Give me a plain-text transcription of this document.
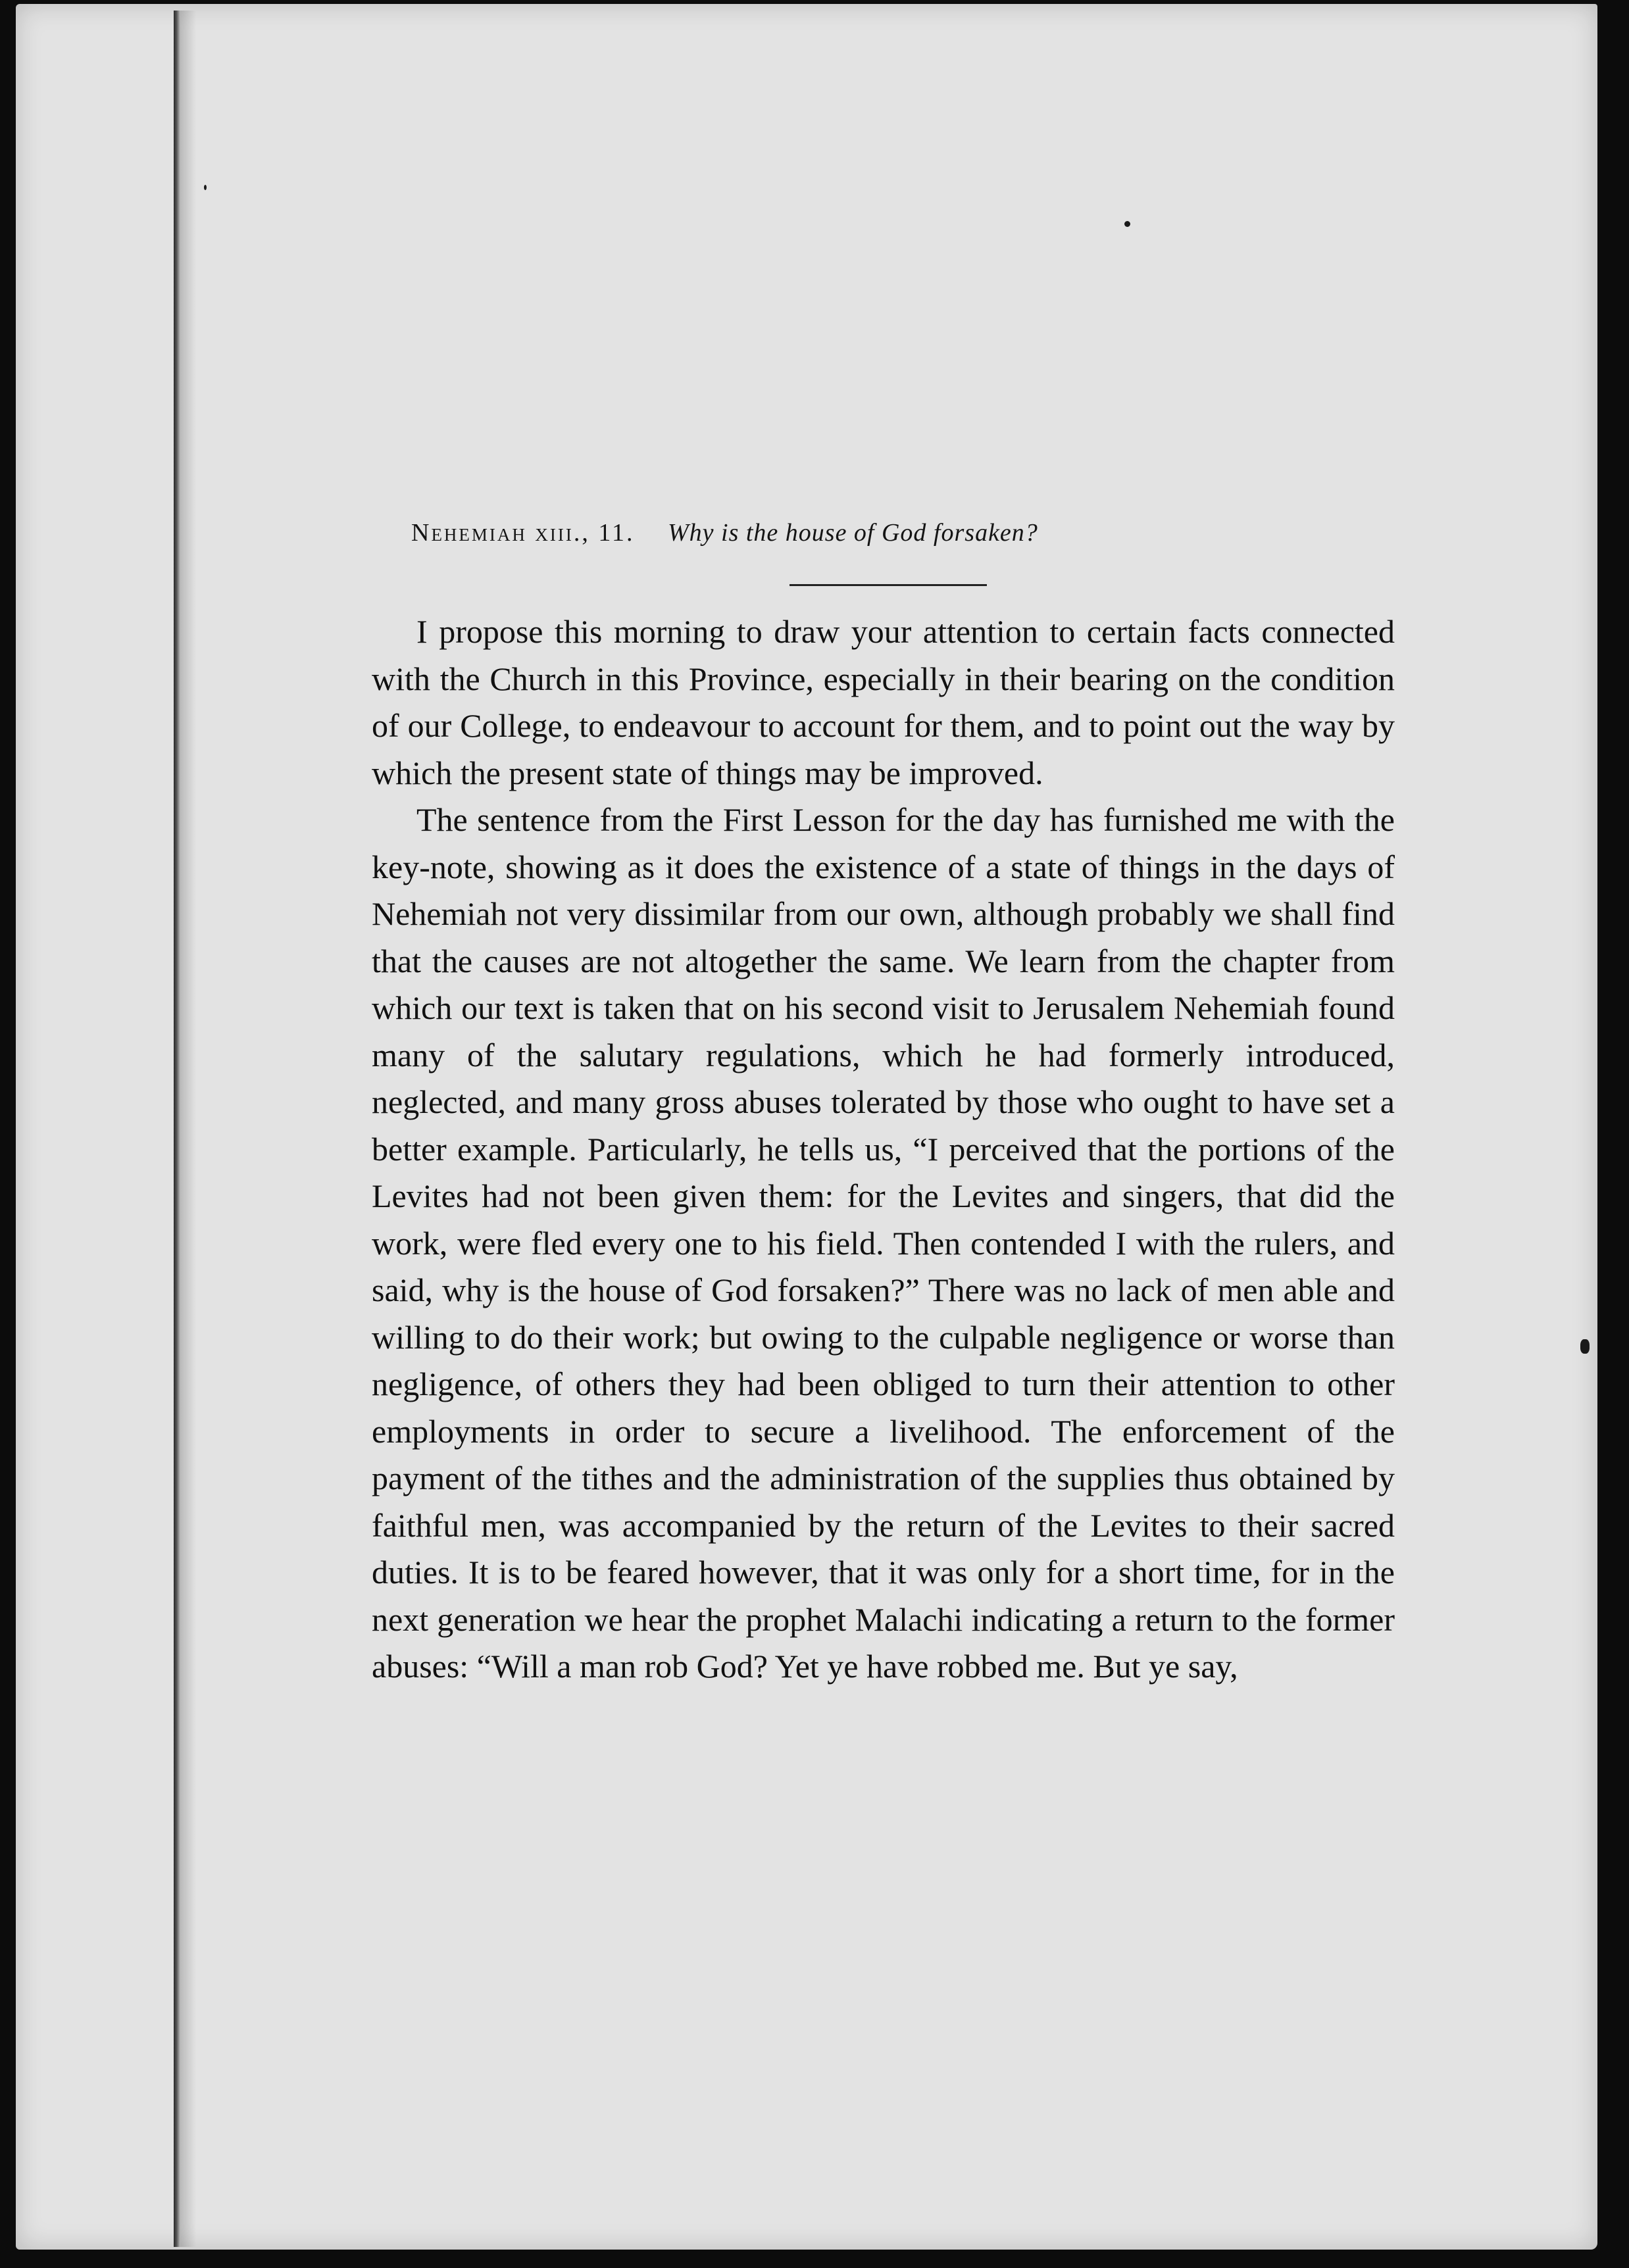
Nehemiah xiii., 11. Why is the house of God forsaken?

I propose this morning to draw your attention to certain facts connected with the Church in this Province, especially in their bearing on the condition of our College, to endeavour to account for them, and to point out the way by which the present state of things may be improved.

The sentence from the First Lesson for the day has furnished me with the key-note, showing as it does the existence of a state of things in the days of Nehemiah not very dissimilar from our own, although probably we shall find that the causes are not altogether the same. We learn from the chapter from which our text is taken that on his second visit to Jerusalem Nehemiah found many of the salutary regulations, which he had formerly introduced, neglected, and many gross abuses tolerated by those who ought to have set a better example. Particularly, he tells us, “I perceived that the portions of the Levites had not been given them: for the Levites and singers, that did the work, were fled every one to his field. Then contended I with the rulers, and said, why is the house of God forsaken?” There was no lack of men able and willing to do their work; but owing to the culpable negligence or worse than negligence, of others they had been obliged to turn their attention to other employments in order to secure a livelihood. The enforcement of the payment of the tithes and the administration of the supplies thus obtained by faithful men, was accompanied by the return of the Levites to their sacred duties. It is to be feared however, that it was only for a short time, for in the next generation we hear the prophet Malachi indicating a return to the former abuses: “Will a man rob God? Yet ye have robbed me. But ye say,
